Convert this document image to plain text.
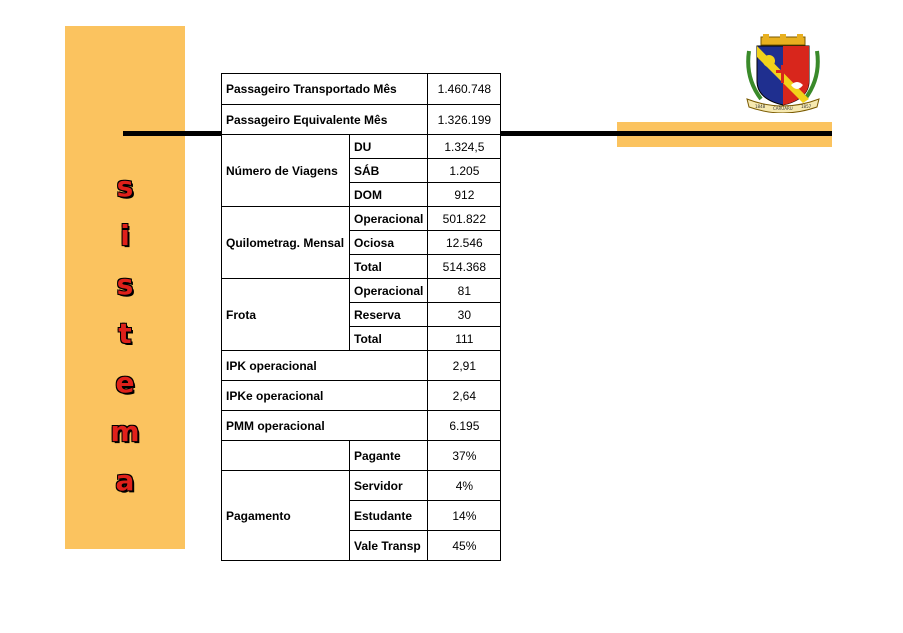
s
i
s
t
e
m
a
1848 CARUARU 1857
Passageiro Transportado Mês		1.460.748
Passageiro Equivalente Mês		1.326.199
Número de Viagens	DU	1.324,5
	SÁB	1.205
	DOM	912
Quilometrag. Mensal	Operacional	501.822
	Ociosa	12.546
	Total	514.368
Frota	Operacional	81
	Reserva	30
	Total	111
IPK operacional		2,91
IPKe operacional		2,64
PMM operacional		6.195
	Pagante	37%
Pagamento	Servidor	4%
	Estudante	14%
	Vale Transp	45%
